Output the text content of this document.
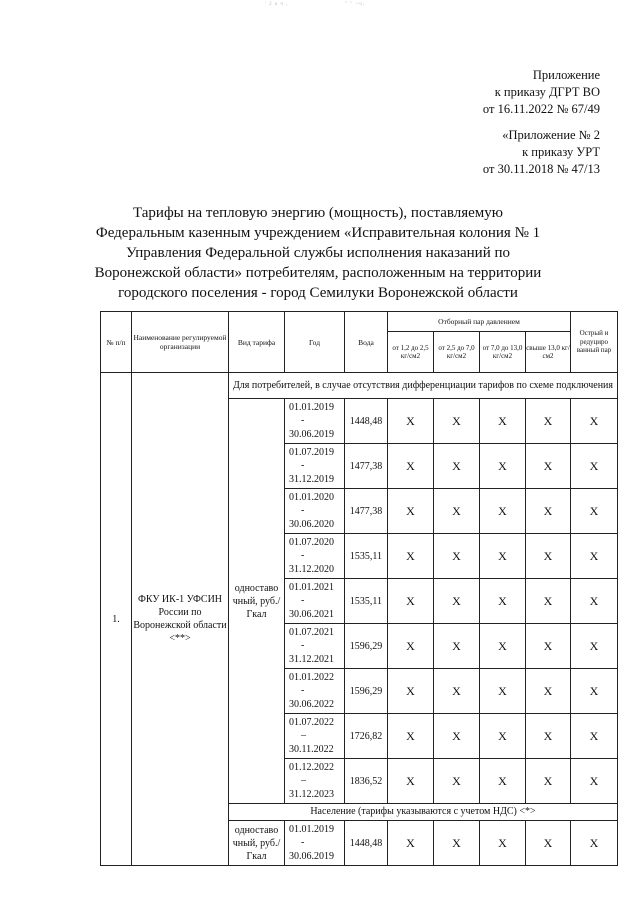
' 2 а ч ,	" " ~ч,
Приложение
к приказу ДГРТ ВО
от 16.11.2022 № 67/49
«Приложение № 2
к приказу УРТ
от 30.11.2018 № 47/13
Тарифы на тепловую энергию (мощность), поставляемую Федеральным казенным учреждением «Исправительная колония № 1 Управления Федеральной службы исполнения наказаний по Воронежской области» потребителям, расположенным на территории городского поселения - город Семилуки Воронежской области
№ п/п	Наименование регулируемой организации	Вид тарифа	Год	Вода	Отборный пар давлением				Острый и редуциро ванный пар
					от 1,2 до 2,5 кг/см2	от 2,5 до 7,0 кг/см2	от 7,0 до 13,0 кг/см2	свыше 13,0 кг/см2	
1.	ФКУ ИК-1 УФСИН России по Воронежской области <**>	Для потребителей, в случае отсутствия дифференциации тарифов по схеме подключения							
		одноставо чный, руб./Гкал	01.01.2019
-
30.06.2019	1448,48	X	X	X	X	X

			01.07.2019
-
31.12.2019	1477,38	X	X	X	X	X

			01.01.2020
-
30.06.2020	1477,38	X	X	X	X	X

			01.07.2020
-
31.12.2020	1535,11	X	X	X	X	X

			01.01.2021
-
30.06.2021	1535,11	X	X	X	X	X

			01.07.2021
-
31.12.2021	1596,29	X	X	X	X	X

			01.01.2022
-
30.06.2022	1596,29	X	X	X	X	X

			01.07.2022
–
30.11.2022	1726,82	X	X	X	X	X

			01.12.2022
–
31.12.2023	1836,52	X	X	X	X	X
		Население (тарифы указываются с учетом НДС) <*>							
		одноставо чный, руб./Гкал	01.01.2019
-
30.06.2019	1448,48	X	X	X	X	X
